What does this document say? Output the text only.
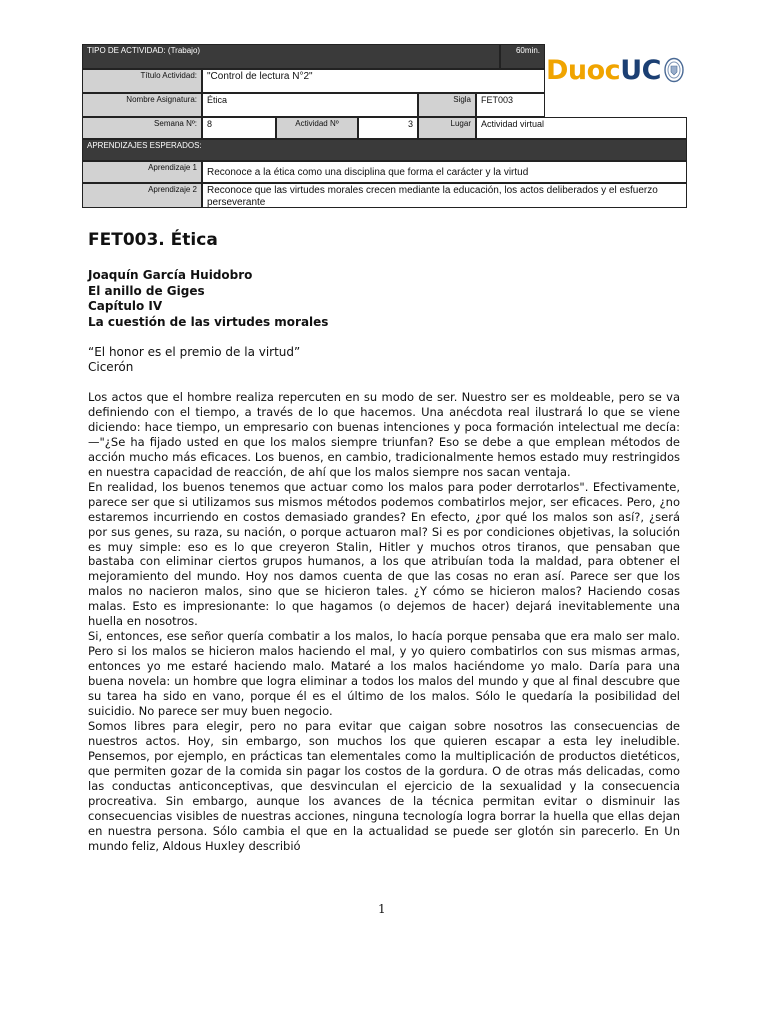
TIPO DE ACTIVIDAD: (Trabajo)	60min.
Título Actividad:	"Control de lectura N°2"
Nombre Asignatura:	Ética	Sigla	FET003
Semana Nº:	8	Actividad Nº	3	Lugar	Actividad virtual
APRENDIZAJES ESPERADOS:
Aprendizaje 1	Reconoce a la ética como una disciplina que forma el carácter y la virtud
Aprendizaje 2	Reconoce que las virtudes morales crecen mediante la educación, los actos deliberados y el esfuerzo perseverante
Duoc UC
FET003. Ética
Joaquín García Huidobro
El anillo de Giges
Capítulo IV
La cuestión de las virtudes morales
“El honor es el premio de la virtud”
Cicerón

Los actos que el hombre realiza repercuten en su modo de ser. Nuestro ser es moldeable, pero se va definiendo con el tiempo, a través de lo que hacemos. Una anécdota real ilustrará lo que se viene diciendo: hace tiempo, un empresario con buenas intenciones y poca formación intelectual me decía: —"¿Se ha fijado usted en que los malos siempre triunfan? Eso se debe a que emplean métodos de acción mucho más eficaces. Los buenos, en cambio, tradicionalmente hemos estado muy restringidos en nuestra capacidad de reacción, de ahí que los malos siempre nos sacan ventaja.

En realidad, los buenos tenemos que actuar como los malos para poder derrotarlos". Efectivamente, parece ser que si utilizamos sus mismos métodos podemos combatirlos mejor, ser eficaces. Pero, ¿no estaremos incurriendo en costos demasiado grandes? En efecto, ¿por qué los malos son así?, ¿será por sus genes, su raza, su nación, o porque actuaron mal? Si es por condiciones objetivas, la solución es muy simple: eso es lo que creyeron Stalin, Hitler y muchos otros tiranos, que pensaban que bastaba con eliminar ciertos grupos humanos, a los que atribuían toda la maldad, para obtener el mejoramiento del mundo. Hoy nos damos cuenta de que las cosas no eran así. Parece ser que los malos no nacieron malos, sino que se hicieron tales. ¿Y cómo se hicieron malos? Haciendo cosas malas. Esto es impresionante: lo que hagamos (o dejemos de hacer) dejará inevitablemente una huella en nosotros.

Si, entonces, ese señor quería combatir a los malos, lo hacía porque pensaba que era malo ser malo. Pero si los malos se hicieron malos haciendo el mal, y yo quiero combatirlos con sus mismas armas, entonces yo me estaré haciendo malo. Mataré a los malos haciéndome yo malo. Daría para una buena novela: un hombre que logra eliminar a todos los malos del mundo y que al final descubre que su tarea ha sido en vano, porque él es el último de los malos. Sólo le quedaría la posibilidad del suicidio. No parece ser muy buen negocio.

Somos libres para elegir, pero no para evitar que caigan sobre nosotros las consecuencias de nuestros actos. Hoy, sin embargo, son muchos los que quieren escapar a esta ley ineludible. Pensemos, por ejemplo, en prácticas tan elementales como la multiplicación de productos dietéticos, que permiten gozar de la comida sin pagar los costos de la gordura. O de otras más delicadas, como las conductas anticonceptivas, que desvinculan el ejercicio de la sexualidad y la consecuencia procreativa. Sin embargo, aunque los avances de la técnica permitan evitar o disminuir las consecuencias visibles de nuestras acciones, ninguna tecnología logra borrar la huella que ellas dejan en nuestra persona. Sólo cambia el que en la actualidad se puede ser glotón sin parecerlo. En Un mundo feliz, Aldous Huxley describió

1
